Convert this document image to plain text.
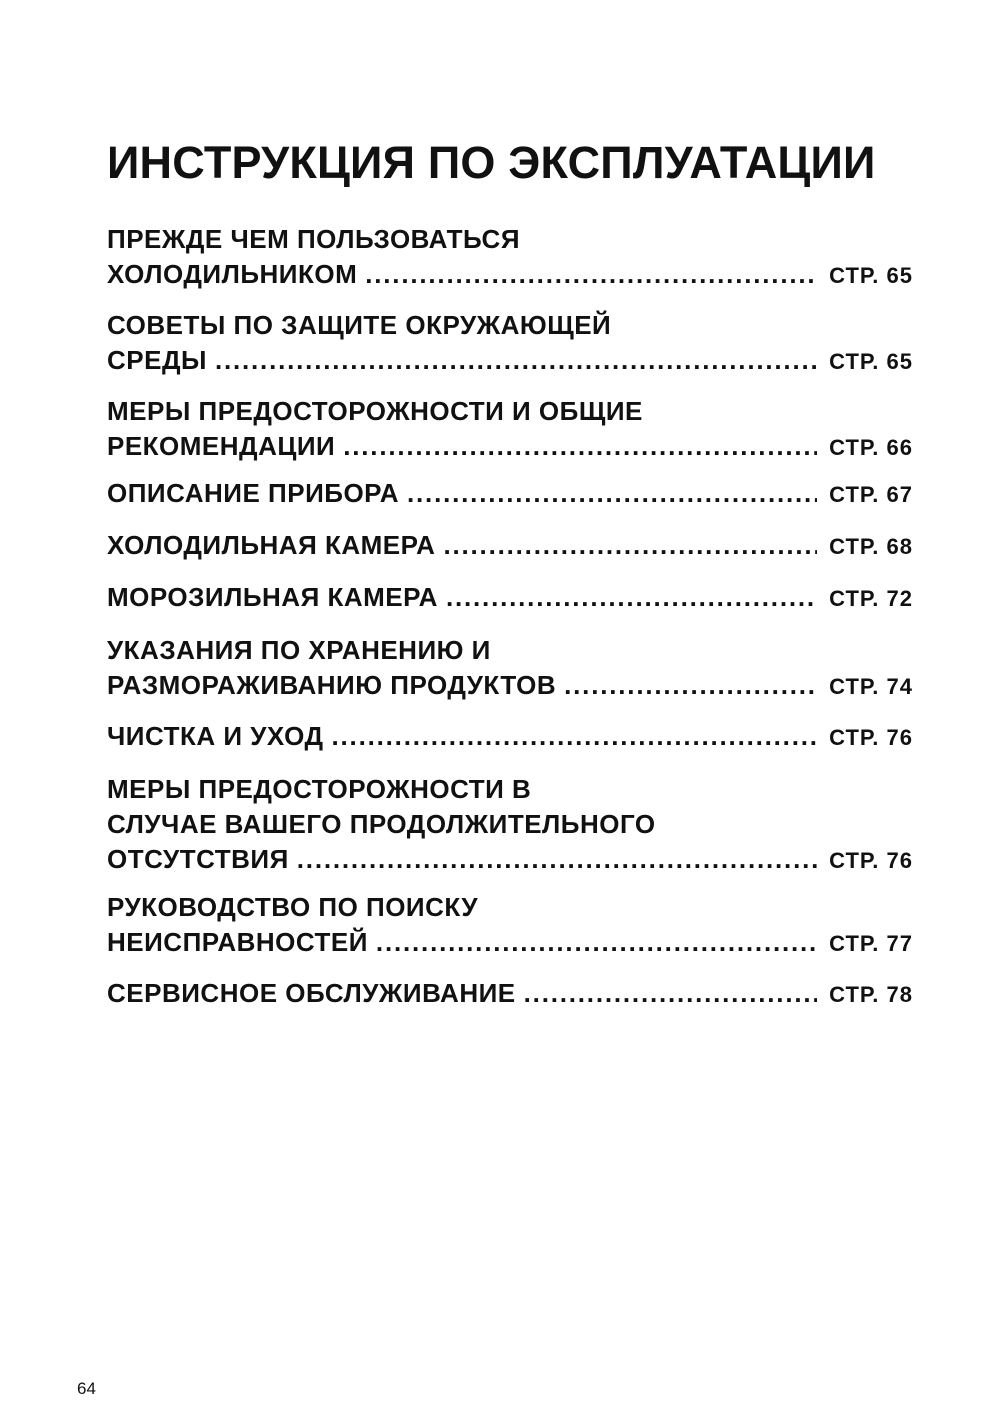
ИНСТРУКЦИЯ ПО ЭКСПЛУАТАЦИИ
ПРЕЖДЕ ЧЕМ ПОЛЬЗОВАТЬСЯ
ХОЛОДИЛЬНИКОМ .....	СТР. 65
СОВЕТЫ ПО ЗАЩИТЕ ОКРУЖАЮЩЕЙ
СРЕДЫ .....	СТР. 65
МЕРЫ ПРЕДОСТОРОЖНОСТИ И ОБЩИЕ
РЕКОМЕНДАЦИИ .....	СТР. 66
ОПИСАНИЕ ПРИБОРА .....	СТР. 67
ХОЛОДИЛЬНАЯ КАМЕРА .....	СТР. 68
МОРОЗИЛЬНАЯ КАМЕРА .....	СТР. 72
УКАЗАНИЯ ПО ХРАНЕНИЮ И
РАЗМОРАЖИВАНИЮ ПРОДУКТОВ .....	СТР. 74
ЧИСТКА И УХОД .....	СТР. 76
МЕРЫ ПРЕДОСТОРОЖНОСТИ В
СЛУЧАЕ ВАШЕГО ПРОДОЛЖИТЕЛЬНОГО
ОТСУТСТВИЯ .....	СТР. 76
РУКОВОДСТВО ПО ПОИСКУ
НЕИСПРАВНОСТЕЙ .....	СТР. 77
СЕРВИСНОЕ ОБСЛУЖИВАНИЕ .....	СТР. 78
64
